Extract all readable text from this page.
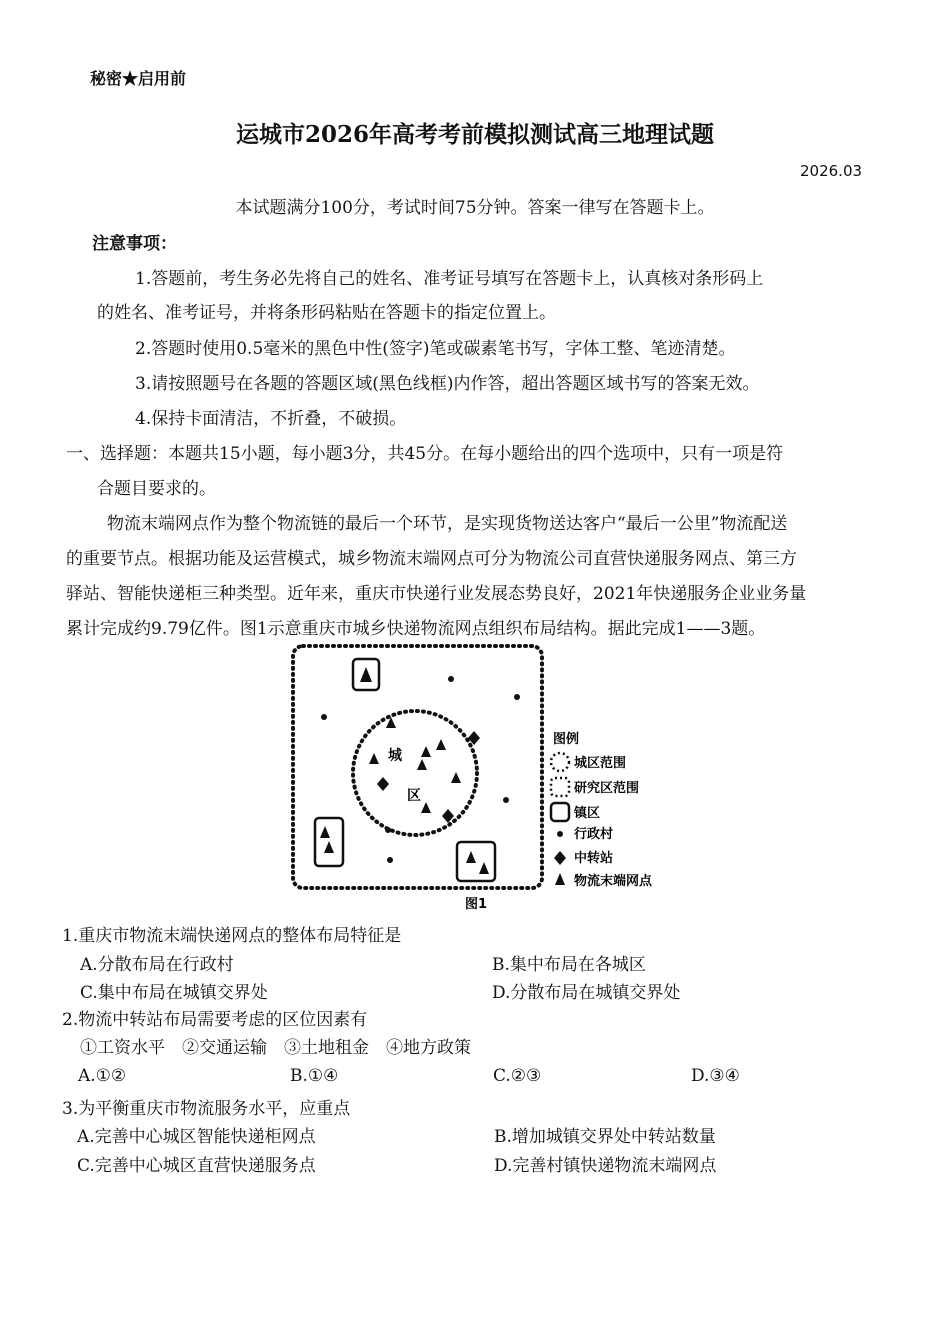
秘密★启用前
运城市2026年高考考前模拟测试高三地理试题
2026.03
本试题满分100分，考试时间75分钟。答案一律写在答题卡上。
注意事项：
1.答题前，考生务必先将自己的姓名、准考证号填写在答题卡上，认真核对条形码上
的姓名、准考证号，并将条形码粘贴在答题卡的指定位置上。
2.答题时使用0.5毫米的黑色中性(签字)笔或碳素笔书写，字体工整、笔迹清楚。
3.请按照题号在各题的答题区域(黑色线框)内作答，超出答题区域书写的答案无效。
4.保持卡面清洁，不折叠，不破损。
一、选择题：本题共15小题，每小题3分，共45分。在每小题给出的四个选项中，只有一项是符
合题目要求的。
物流末端网点作为整个物流链的最后一个环节，是实现货物送达客户“最后一公里”物流配送
的重要节点。根据功能及运营模式，城乡物流末端网点可分为物流公司直营快递服务网点、第三方
驿站、智能快递柜三种类型。近年来，重庆市快递行业发展态势良好，2021年快递服务企业业务量
累计完成约9.79亿件。图1示意重庆市城乡快递物流网点组织布局结构。据此完成1——3题。
城
区
图例
城区范围
研究区范围
镇区
行政村
中转站
物流末端网点
图1
1.重庆市物流末端快递网点的整体布局特征是
A.分散布局在行政村	B.集中布局在各城区
C.集中布局在城镇交界处	D.分散布局在城镇交界处
2.物流中转站布局需要考虑的区位因素有
①工资水平　②交通运输　③土地租金　④地方政策
A.①②	B.①④	C.②③	D.③④
3.为平衡重庆市物流服务水平，应重点
A.完善中心城区智能快递柜网点	B.增加城镇交界处中转站数量
C.完善中心城区直营快递服务点	D.完善村镇快递物流末端网点
